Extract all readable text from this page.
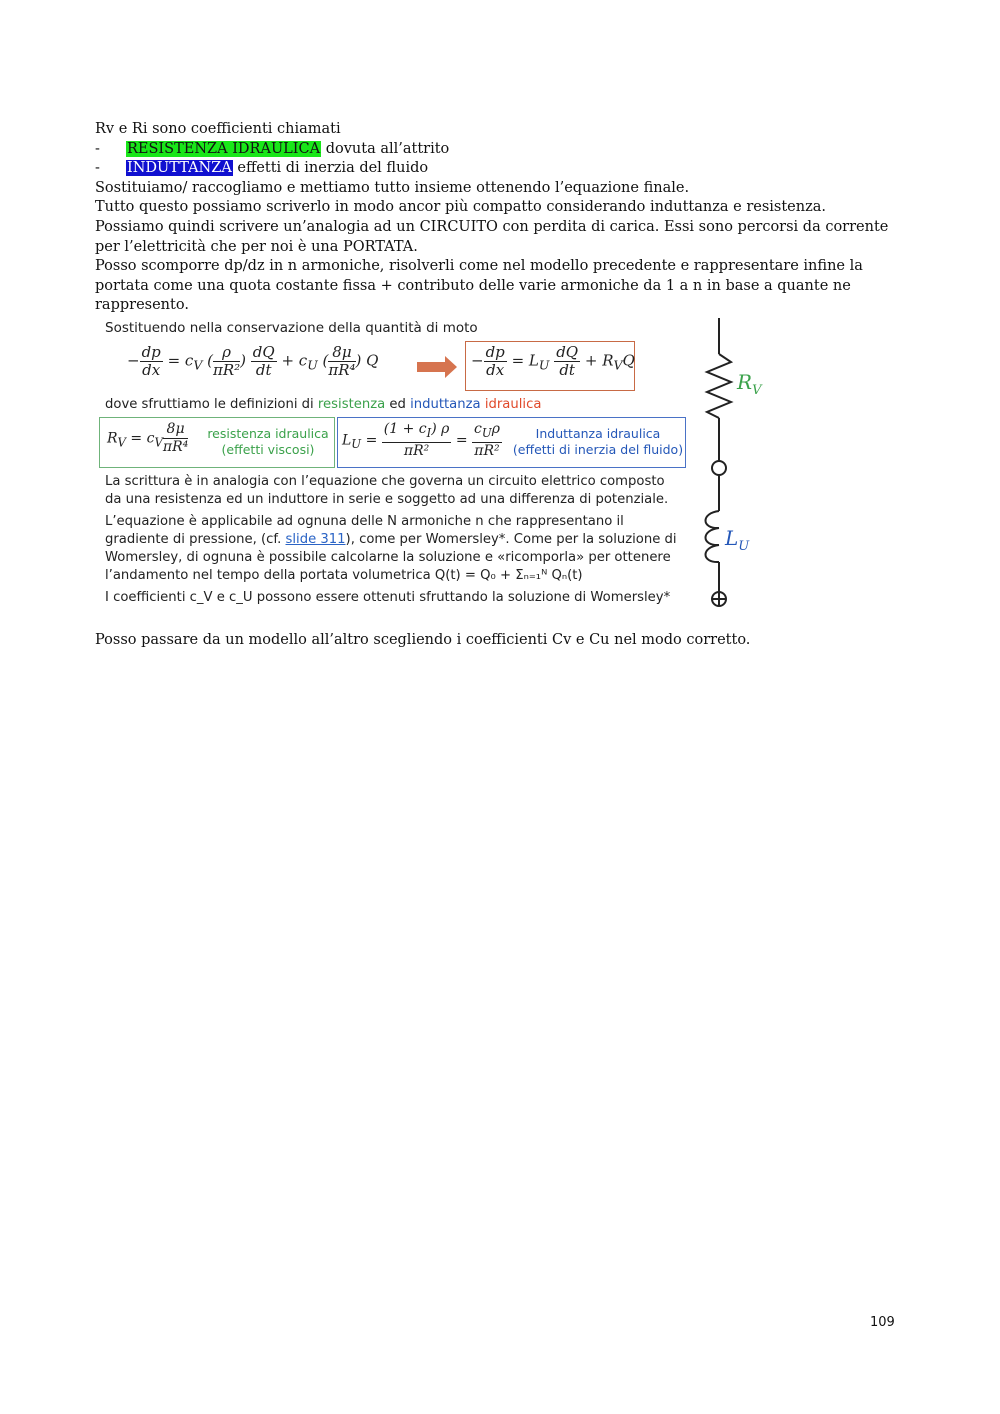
Rv e Ri sono coefficienti chiamati
- RESISTENZA IDRAULICA dovuta all’attrito
- INDUTTANZA effetti di inerzia del fluido
Sostituiamo/ raccogliamo e mettiamo tutto insieme ottenendo l’equazione finale.
Tutto questo possiamo scriverlo in modo ancor più compatto considerando induttanza e resistenza.
Possiamo quindi scrivere un’analogia ad un CIRCUITO con perdita di carica. Essi sono percorsi da corrente per l’elettricità che per noi è una PORTATA.
Posso scomporre dp/dz in n armoniche, risolverli come nel modello precedente e rappresentare infine la portata come una quota costante fissa + contributo delle varie armoniche da 1 a n in base a quante ne rappresento.
Sostituendo nella conservazione della quantità di moto
− $\frac{dp}{dx} = c_V$ ( $\frac{\rho}{\text{πR²}}$ ) $\frac{dQ}{dt} + c_U$ ( $\frac{8\mu}{\text{πR⁴}}$ ) Q	− $\frac{dp}{dx} = L_U \frac{dQ}{dt} + R_VQ$
dove sfruttiamo le definizioni di resistenza ed induttanza idraulica
$R_V = c_V \frac{8\mu}{\text{πR⁴}}$ resistenza idraulica
(effetti viscosi)
$L_U = \frac{(1 + c_I) \rho}{\text{πR²}} = \frac{c_U\rho}{\text{πR²}}$	Induttanza idraulica
(effetti di inerzia del fluido)
La scrittura è in analogia con l’equazione che governa un circuito elettrico composto
da una resistenza ed un induttore in serie e soggetto ad una differenza di potenziale.
L’equazione è applicabile ad ognuna delle N armoniche n che rappresentano il
gradiente di pressione, (cf. slide 311), come per Womersley*. Come per la soluzione di
Womersley, di ognuna è possibile calcolarne la soluzione e «ricomporla» per ottenere
l’andamento nel tempo della portata volumetrica Q(t) = Q₀ + Σₙ₌₁ᴺ Qₙ(t)
I coefficienti c_V e c_U possono essere ottenuti sfruttando la soluzione di Womersley*
$R_V$
$L_U$
Posso passare da un modello all’altro scegliendo i coefficienti Cv e Cu nel modo corretto.
109
